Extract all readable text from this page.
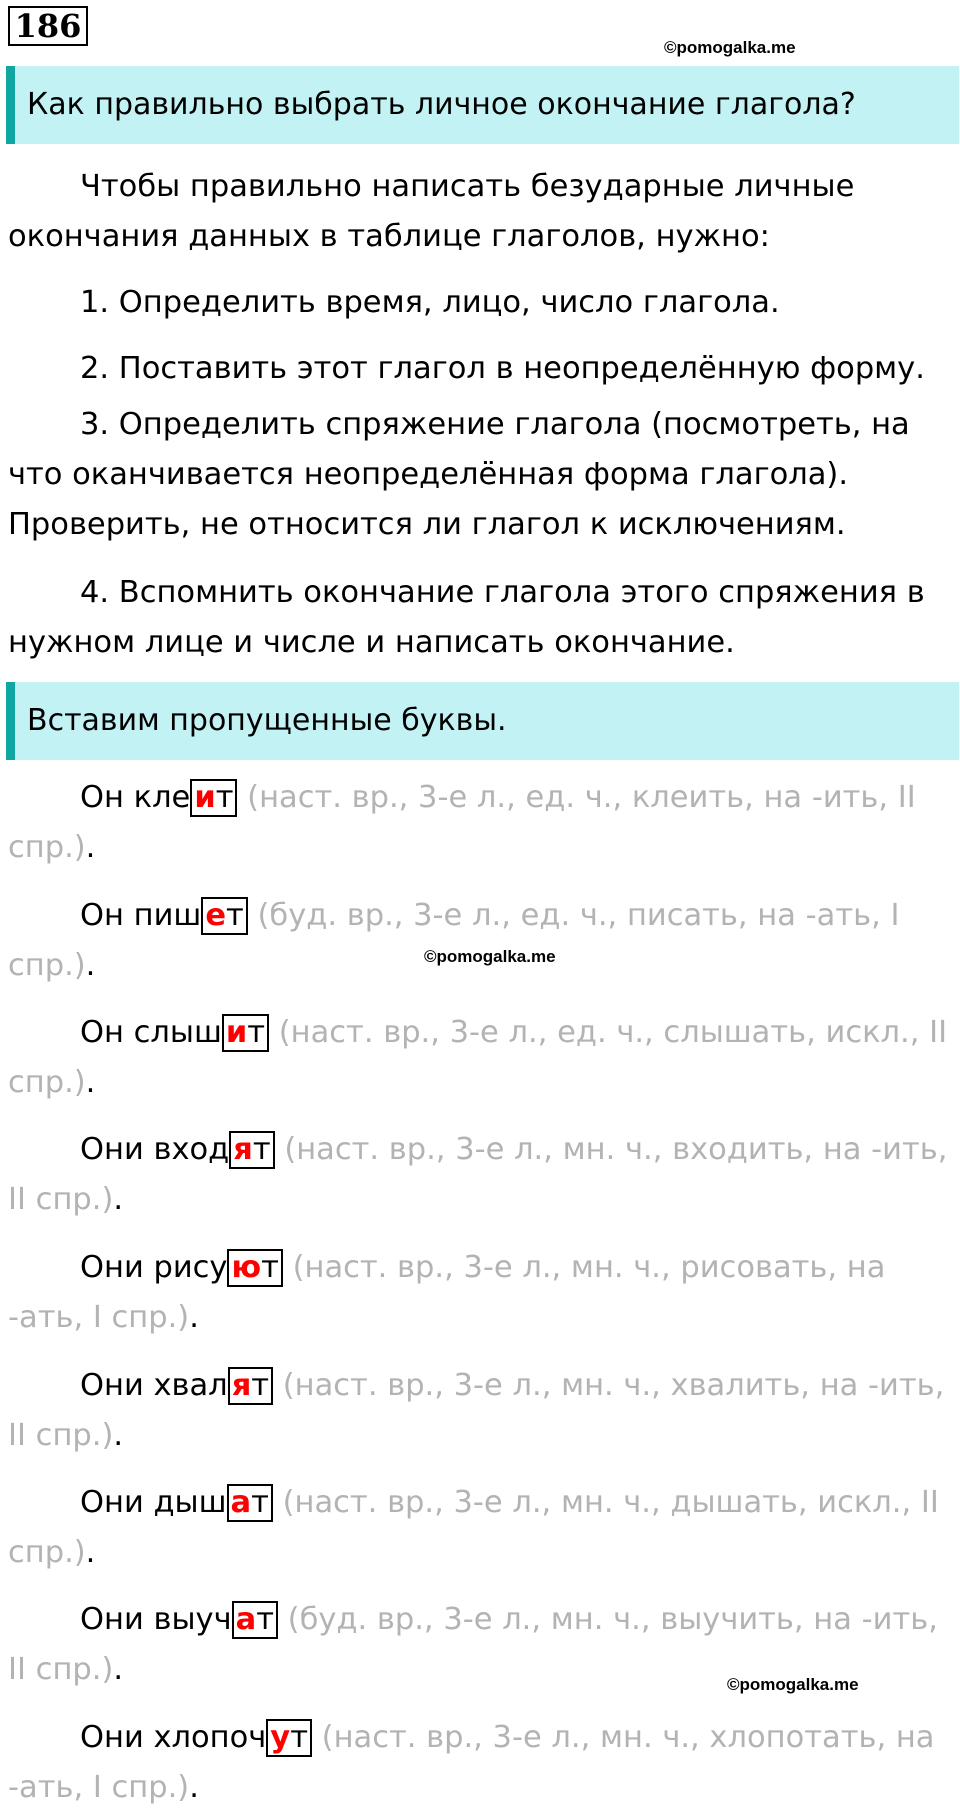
186
©pomogalka.me
Как правильно выбрать личное окончание глагола?

Чтобы правильно написать безударные личные окончания данных в таблице глаголов, нужно:

1. Определить время, лицо, число глагола.

2. Поставить этот глагол в неопределённую форму.

3. Определить спряжение глагола (посмотреть, на что оканчивается неопределённая форма глагола). Проверить, не относится ли глагол к исключениям.

4. Вспомнить окончание глагола этого спряжения в нужном лице и числе и написать окончание.

Вставим пропущенные буквы.
©pomogalka.me
©pomogalka.me

Он кле ит (наст. вр., 3-е л., ед. ч., клеить, на -ить, II спр.).

Он пиш ет (буд. вр., 3-е л., ед. ч., писать, на -ать, I спр.).

Он слыш ит (наст. вр., 3-е л., ед. ч., слышать, искл., II спр.).

Они вход ят (наст. вр., 3-е л., мн. ч., входить, на -ить, II спр.).

Они рису ют (наст. вр., 3-е л., мн. ч., рисовать, на -ать, I спр.).

Они хвал ят (наст. вр., 3-е л., мн. ч., хвалить, на -ить, II спр.).

Они дыш ат (наст. вр., 3-е л., мн. ч., дышать, искл., II спр.).

Они выуч ат (буд. вр., 3-е л., мн. ч., выучить, на -ить, II спр.).

Они хлопоч ут (наст. вр., 3-е л., мн. ч., хлопотать, на -ать, I спр.).
